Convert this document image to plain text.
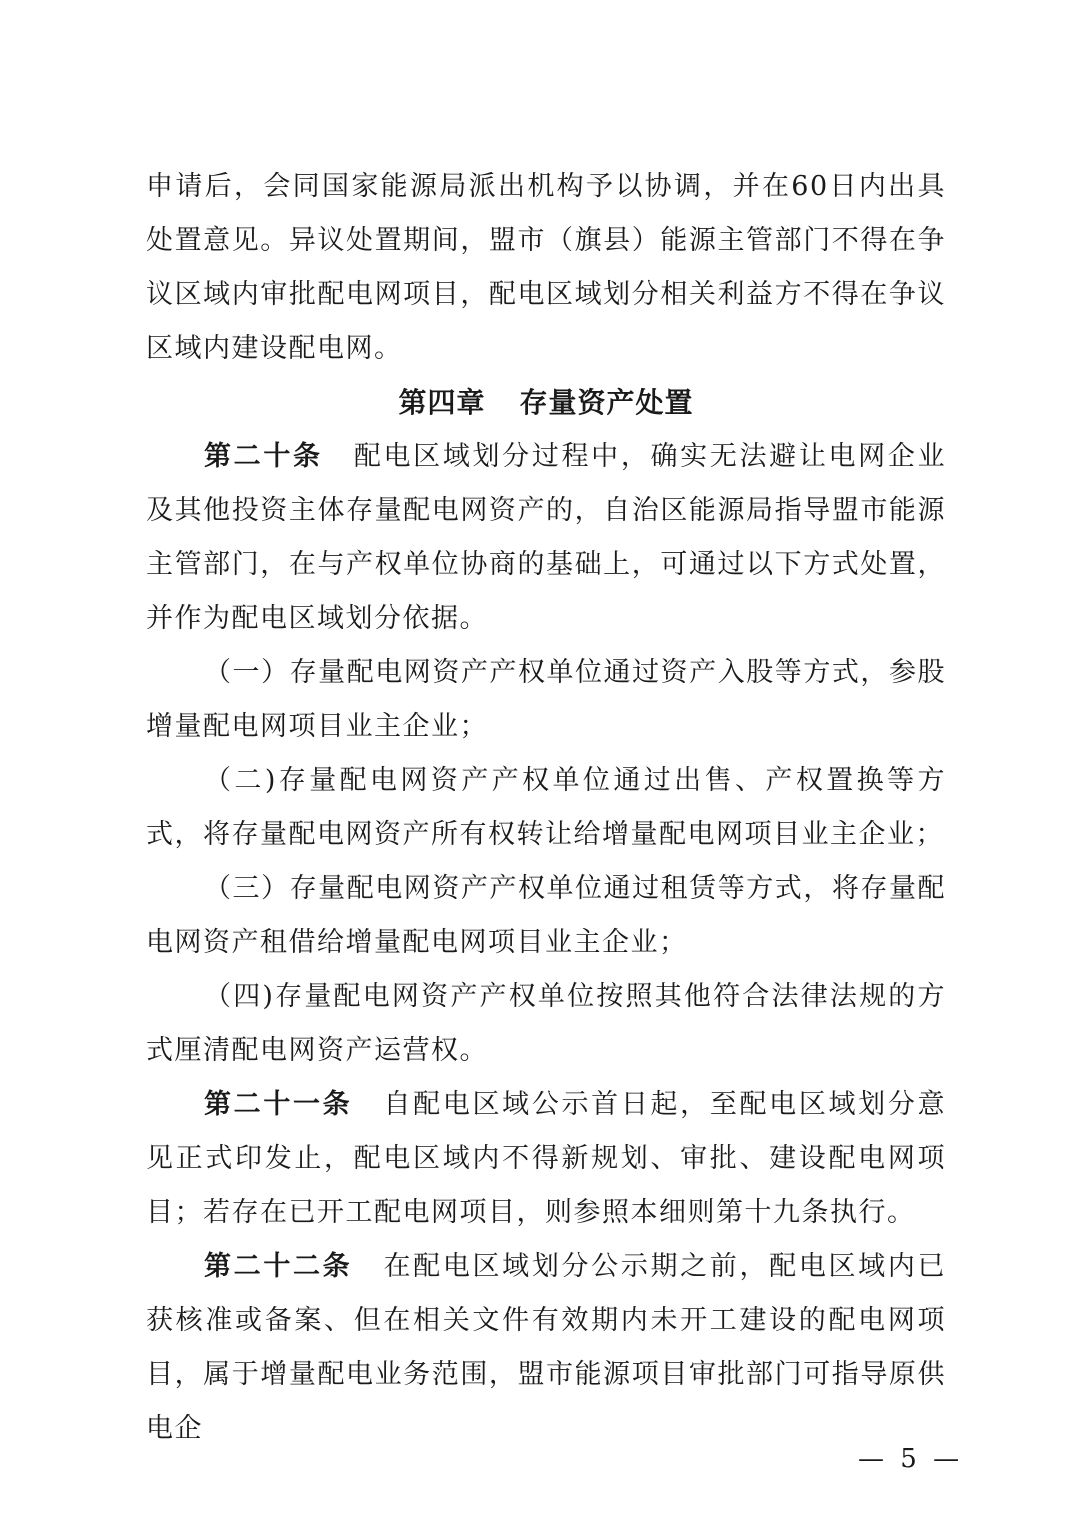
申请后，会同国家能源局派出机构予以协调，并在60日内出具处置意见。异议处置期间，盟市（旗县）能源主管部门不得在争议区域内审批配电网项目，配电区域划分相关利益方不得在争议区域内建设配电网。

第四章 存量资产处置

第二十条 配电区域划分过程中，确实无法避让电网企业及其他投资主体存量配电网资产的，自治区能源局指导盟市能源主管部门，在与产权单位协商的基础上，可通过以下方式处置，并作为配电区域划分依据。

（一）存量配电网资产产权单位通过资产入股等方式，参股增量配电网项目业主企业；

（二)存量配电网资产产权单位通过出售、产权置换等方式，将存量配电网资产所有权转让给增量配电网项目业主企业；

（三）存量配电网资产产权单位通过租赁等方式，将存量配电网资产租借给增量配电网项目业主企业；

（四)存量配电网资产产权单位按照其他符合法律法规的方式厘清配电网资产运营权。

第二十一条 自配电区域公示首日起，至配电区域划分意见正式印发止，配电区域内不得新规划、审批、建设配电网项目；若存在已开工配电网项目，则参照本细则第十九条执行。

第二十二条 在配电区域划分公示期之前，配电区域内已获核准或备案、但在相关文件有效期内未开工建设的配电网项目，属于增量配电业务范围，盟市能源项目审批部门可指导原供电企

— 5 —
